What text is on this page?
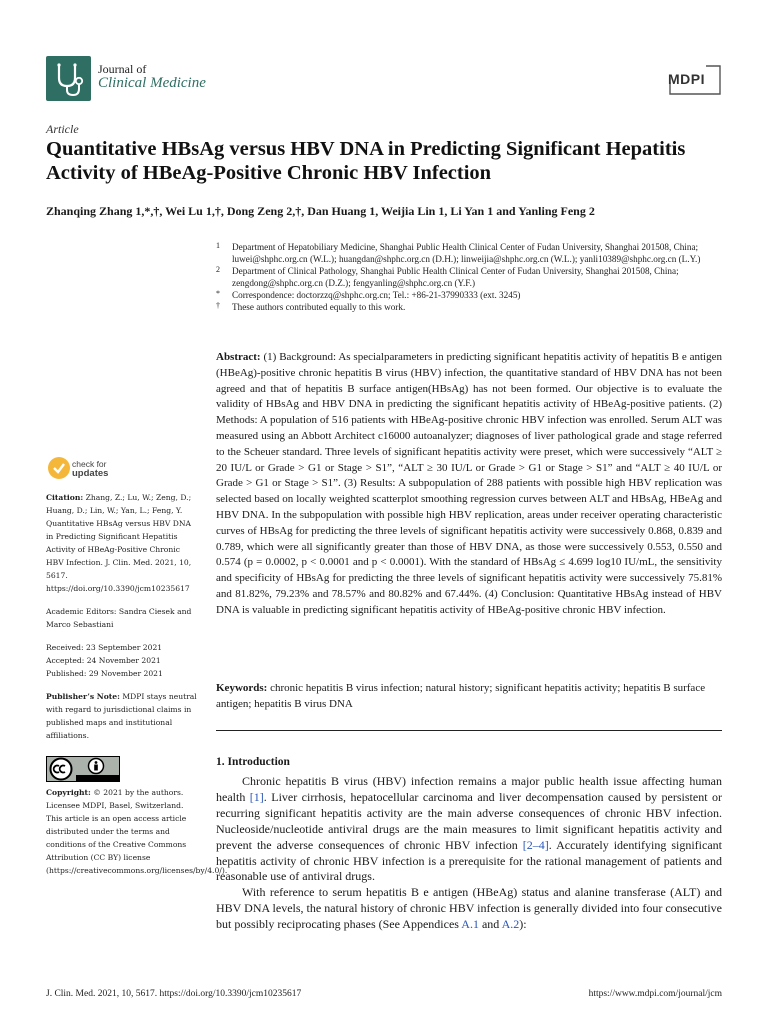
Journal of
Clinical Medicine	MDPI
Article
Quantitative HBsAg versus HBV DNA in Predicting Significant Hepatitis Activity of HBeAg-Positive Chronic HBV Infection
Zhanqing Zhang 1,*,†, Wei Lu 1,†, Dong Zeng 2,†, Dan Huang 1, Weijia Lin 1, Li Yan 1 and Yanling Feng 2
1 Department of Hepatobiliary Medicine, Shanghai Public Health Clinical Center of Fudan University, Shanghai 201508, China; luwei@shphc.org.cn (W.L.); huangdan@shphc.org.cn (D.H.); linweijia@shphc.org.cn (W.L.); yanli10389@shphc.org.cn (L.Y.)
2 Department of Clinical Pathology, Shanghai Public Health Clinical Center of Fudan University, Shanghai 201508, China; zengdong@shphc.org.cn (D.Z.); fengyanling@shphc.org.cn (Y.F.)
* Correspondence: doctorzzq@shphc.org.cn; Tel.: +86-21-37990333 (ext. 3245)
† These authors contributed equally to this work.
Abstract: (1) Background: As specialparameters in predicting significant hepatitis activity of hepatitis B e antigen (HBeAg)-positive chronic hepatitis B virus (HBV) infection, the quantitative standard of HBV DNA has not been agreed and that of hepatitis B surface antigen(HBsAg) has not been formed. Our objective is to evaluate the validity of HBsAg and HBV DNA in predicting the significant hepatitis activity of HBeAg-positive patients. (2) Methods: A population of 516 patients with HBeAg-positive chronic HBV infection was enrolled. Serum ALT was measured using an Abbott Architect c16000 autoanalyzer; diagnoses of liver pathological grade and stage referred to the Scheuer standard. Three levels of significant hepatitis activity were preset, which were successively “ALT ≥ 20 IU/L or Grade > G1 or Stage > S1”, “ALT ≥ 30 IU/L or Grade > G1 or Stage > S1” and “ALT ≥ 40 IU/L or Grade > G1 or Stage > S1”. (3) Results: A subpopulation of 288 patients with possible high HBV replication was selected based on locally weighted scatterplot smoothing regression curves between ALT and HBsAg, HBeAg and HBV DNA. In the subpopulation with possible high HBV replication, areas under receiver operating characteristic curves of HBsAg for predicting the three levels of significant hepatitis activity were successively 0.868, 0.839 and 0.789, which were all significantly greater than those of HBV DNA, as those were successively 0.553, 0.550 and 0.574 (p = 0.0002, p < 0.0001 and p < 0.0001). With the standard of HBsAg ≤ 4.699 log10 IU/mL, the sensitivity and specificity of HBsAg for predicting the three levels of significant hepatitis activity were successively 75.81% and 81.82%, 79.23% and 78.57% and 80.82% and 67.44%. (4) Conclusion: Quantitative HBsAg instead of HBV DNA is valuable in predicting significant hepatitis activity of HBeAg-positive chronic HBV infection.
Keywords: chronic hepatitis B virus infection; natural history; significant hepatitis activity; hepatitis B surface antigen; hepatitis B virus DNA
1. Introduction

Chronic hepatitis B virus (HBV) infection remains a major public health issue affecting human health [1]. Liver cirrhosis, hepatocellular carcinoma and liver decompensation caused by persistent or recurring significant hepatitis activity are the main adverse consequences of chronic HBV infection. Nucleoside/nucleotide antiviral drugs are the main measures to limit significant hepatitis activity and prevent the adverse consequences of chronic HBV infection [2–4]. Accurately identifying significant hepatitis activity of chronic HBV infection is a prerequisite for the rational management of patients and reasonable use of antiviral drugs.

With reference to serum hepatitis B e antigen (HBeAg) status and alanine transferase (ALT) and HBV DNA levels, the natural history of chronic HBV infection is generally divided into four consecutive but possibly reciprocating phases (See Appendices A.1 and A.2):

check for
updates
Citation: Zhang, Z.; Lu, W.; Zeng, D.; Huang, D.; Lin, W.; Yan, L.; Feng, Y. Quantitative HBsAg versus HBV DNA in Predicting Significant Hepatitis Activity of HBeAg-Positive Chronic HBV Infection. J. Clin. Med. 2021, 10, 5617. https://doi.org/10.3390/jcm10235617
Academic Editors: Sandra Ciesek and Marco Sebastiani
Received: 23 September 2021
Accepted: 24 November 2021
Published: 29 November 2021
Publisher’s Note: MDPI stays neutral with regard to jurisdictional claims in published maps and institutional affiliations.
Copyright: © 2021 by the authors. Licensee MDPI, Basel, Switzerland. This article is an open access article distributed under the terms and conditions of the Creative Commons Attribution (CC BY) license (https://creativecommons.org/licenses/by/4.0/).
J. Clin. Med. 2021, 10, 5617. https://doi.org/10.3390/jcm10235617	https://www.mdpi.com/journal/jcm
